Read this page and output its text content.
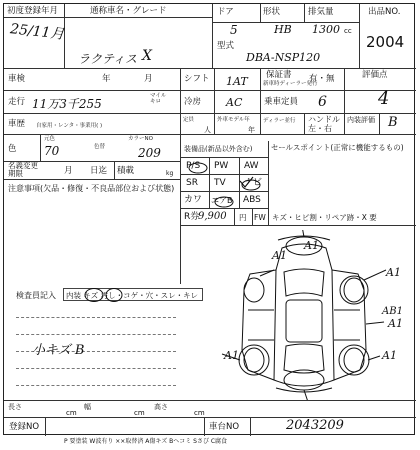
初度登録年月
25/11月
通称車名・グレード
ラクティス X
ドア
5
形状
HB
排気量
1300 cc
型式
DBA-NSP120
出品NO.
2004
車検	年	月	シフト 1AT 保証書
新車時ディーラー発行
有・無	評価点
4
走行 11万3千255
マイル
キロ	冷房 AC	乗車定員 6
車歴 自家用・レンタ・事業用( )
定員
人
外車モデル年
年
ディラー並行 ハンドル
左・右
内装評価 B
色
元色
70	色替
カラーNO
209
名義変更期限	月 日迄 積載	kg
注意事項(欠品・修復・不良品部位および状態)
装備品(新品以外含む)
P/S PW AW
SR TV ナビ
カワ エアB ABS
R券
9,900 円 FW キズ・ヒビ割・リペア跡・X 要
セールスポイント(正常に機能するもの)
検査員記入 内装 キズ 汚し・コゲ・穴・スレ・キレ
小キズ B
A1
A1
A1
A1
AB1
A1	A1
長さ
cm
幅
cm
高さ
cm
登録NO	車台NO	2043209
P 要塗装 W波有り ××取替済 A傷キズ Bヘコミ Sさび C腐食
